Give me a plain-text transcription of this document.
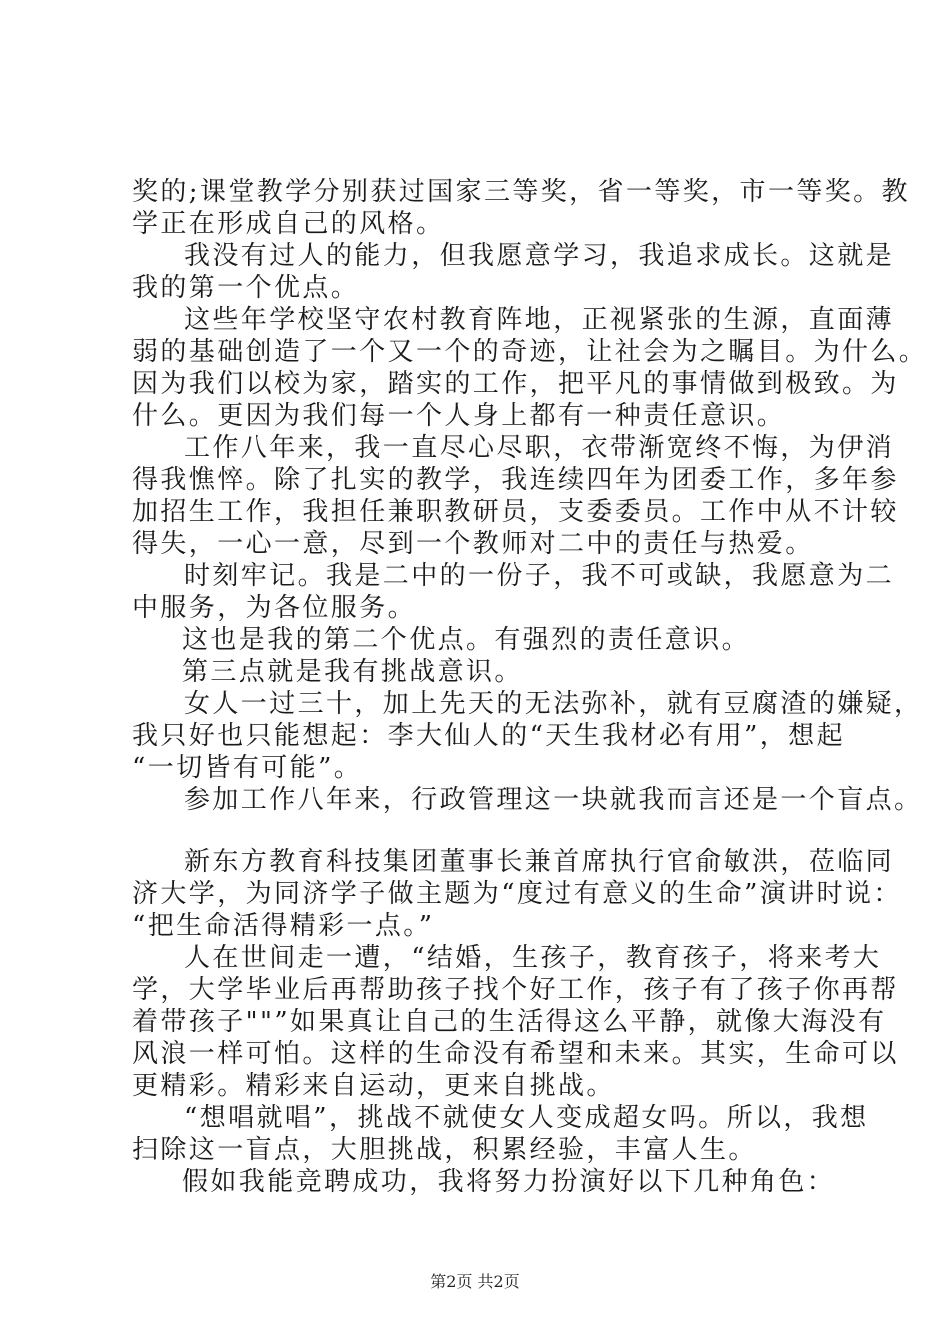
奖的;课堂教学分别获过国家三等奖，省一等奖，市一等奖。教
学正在形成自己的风格。
我没有过人的能力，但我愿意学习，我追求成长。这就是
我的第一个优点。
这些年学校坚守农村教育阵地，正视紧张的生源，直面薄
弱的基础创造了一个又一个的奇迹，让社会为之瞩目。为什么。
因为我们以校为家，踏实的工作，把平凡的事情做到极致。为
什么。更因为我们每一个人身上都有一种责任意识。
工作八年来，我一直尽心尽职，衣带渐宽终不悔，为伊消
得我憔悴。除了扎实的教学，我连续四年为团委工作，多年参
加招生工作，我担任兼职教研员，支委委员。工作中从不计较
得失，一心一意，尽到一个教师对二中的责任与热爱。
时刻牢记。我是二中的一份子，我不可或缺，我愿意为二
中服务，为各位服务。
这也是我的第二个优点。有强烈的责任意识。
第三点就是我有挑战意识。
女人一过三十，加上先天的无法弥补，就有豆腐渣的嫌疑，
我只好也只能想起：李大仙人的“天生我材必有用”，想起
“一切皆有可能”。
参加工作八年来，行政管理这一块就我而言还是一个盲点。
新东方教育科技集团董事长兼首席执行官俞敏洪，莅临同
济大学，为同济学子做主题为“度过有意义的生命”演讲时说：
“把生命活得精彩一点。”
人在世间走一遭，“结婚，生孩子，教育孩子，将来考大
学，大学毕业后再帮助孩子找个好工作，孩子有了孩子你再帮
着带孩子""”如果真让自己的生活得这么平静，就像大海没有
风浪一样可怕。这样的生命没有希望和未来。其实，生命可以
更精彩。精彩来自运动，更来自挑战。
“想唱就唱”，挑战不就使女人变成超女吗。所以，我想
扫除这一盲点，大胆挑战，积累经验，丰富人生。
假如我能竞聘成功，我将努力扮演好以下几种角色：
第2页 共2页
